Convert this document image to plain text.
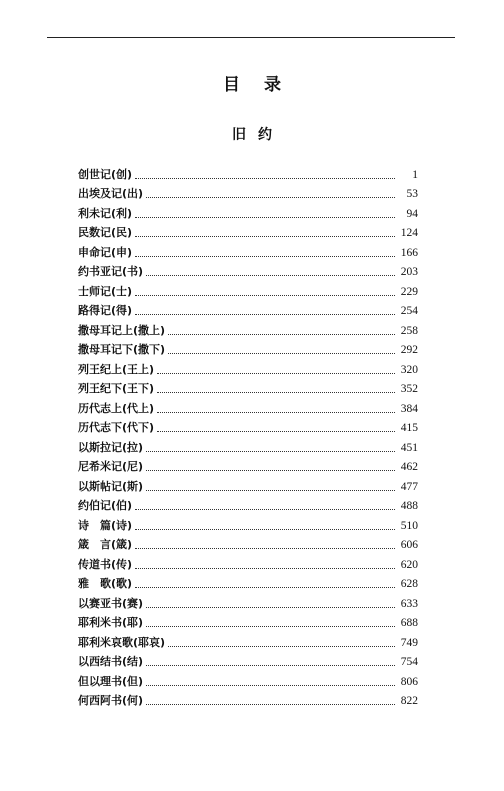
目录
旧约
创世记(创)	1
出埃及记(出)	53
利未记(利)	94
民数记(民)	124
申命记(申)	166
约书亚记(书)	203
士师记(士)	229
路得记(得)	254
撒母耳记上(撒上)	258
撒母耳记下(撒下)	292
列王纪上(王上)	320
列王纪下(王下)	352
历代志上(代上)	384
历代志下(代下)	415
以斯拉记(拉)	451
尼希米记(尼)	462
以斯帖记(斯)	477
约伯记(伯)	488
诗　篇(诗)	510
箴　言(箴)	606
传道书(传)	620
雅　歌(歌)	628
以赛亚书(赛)	633
耶利米书(耶)	688
耶利米哀歌(耶哀)	749
以西结书(结)	754
但以理书(但)	806
何西阿书(何)	822
